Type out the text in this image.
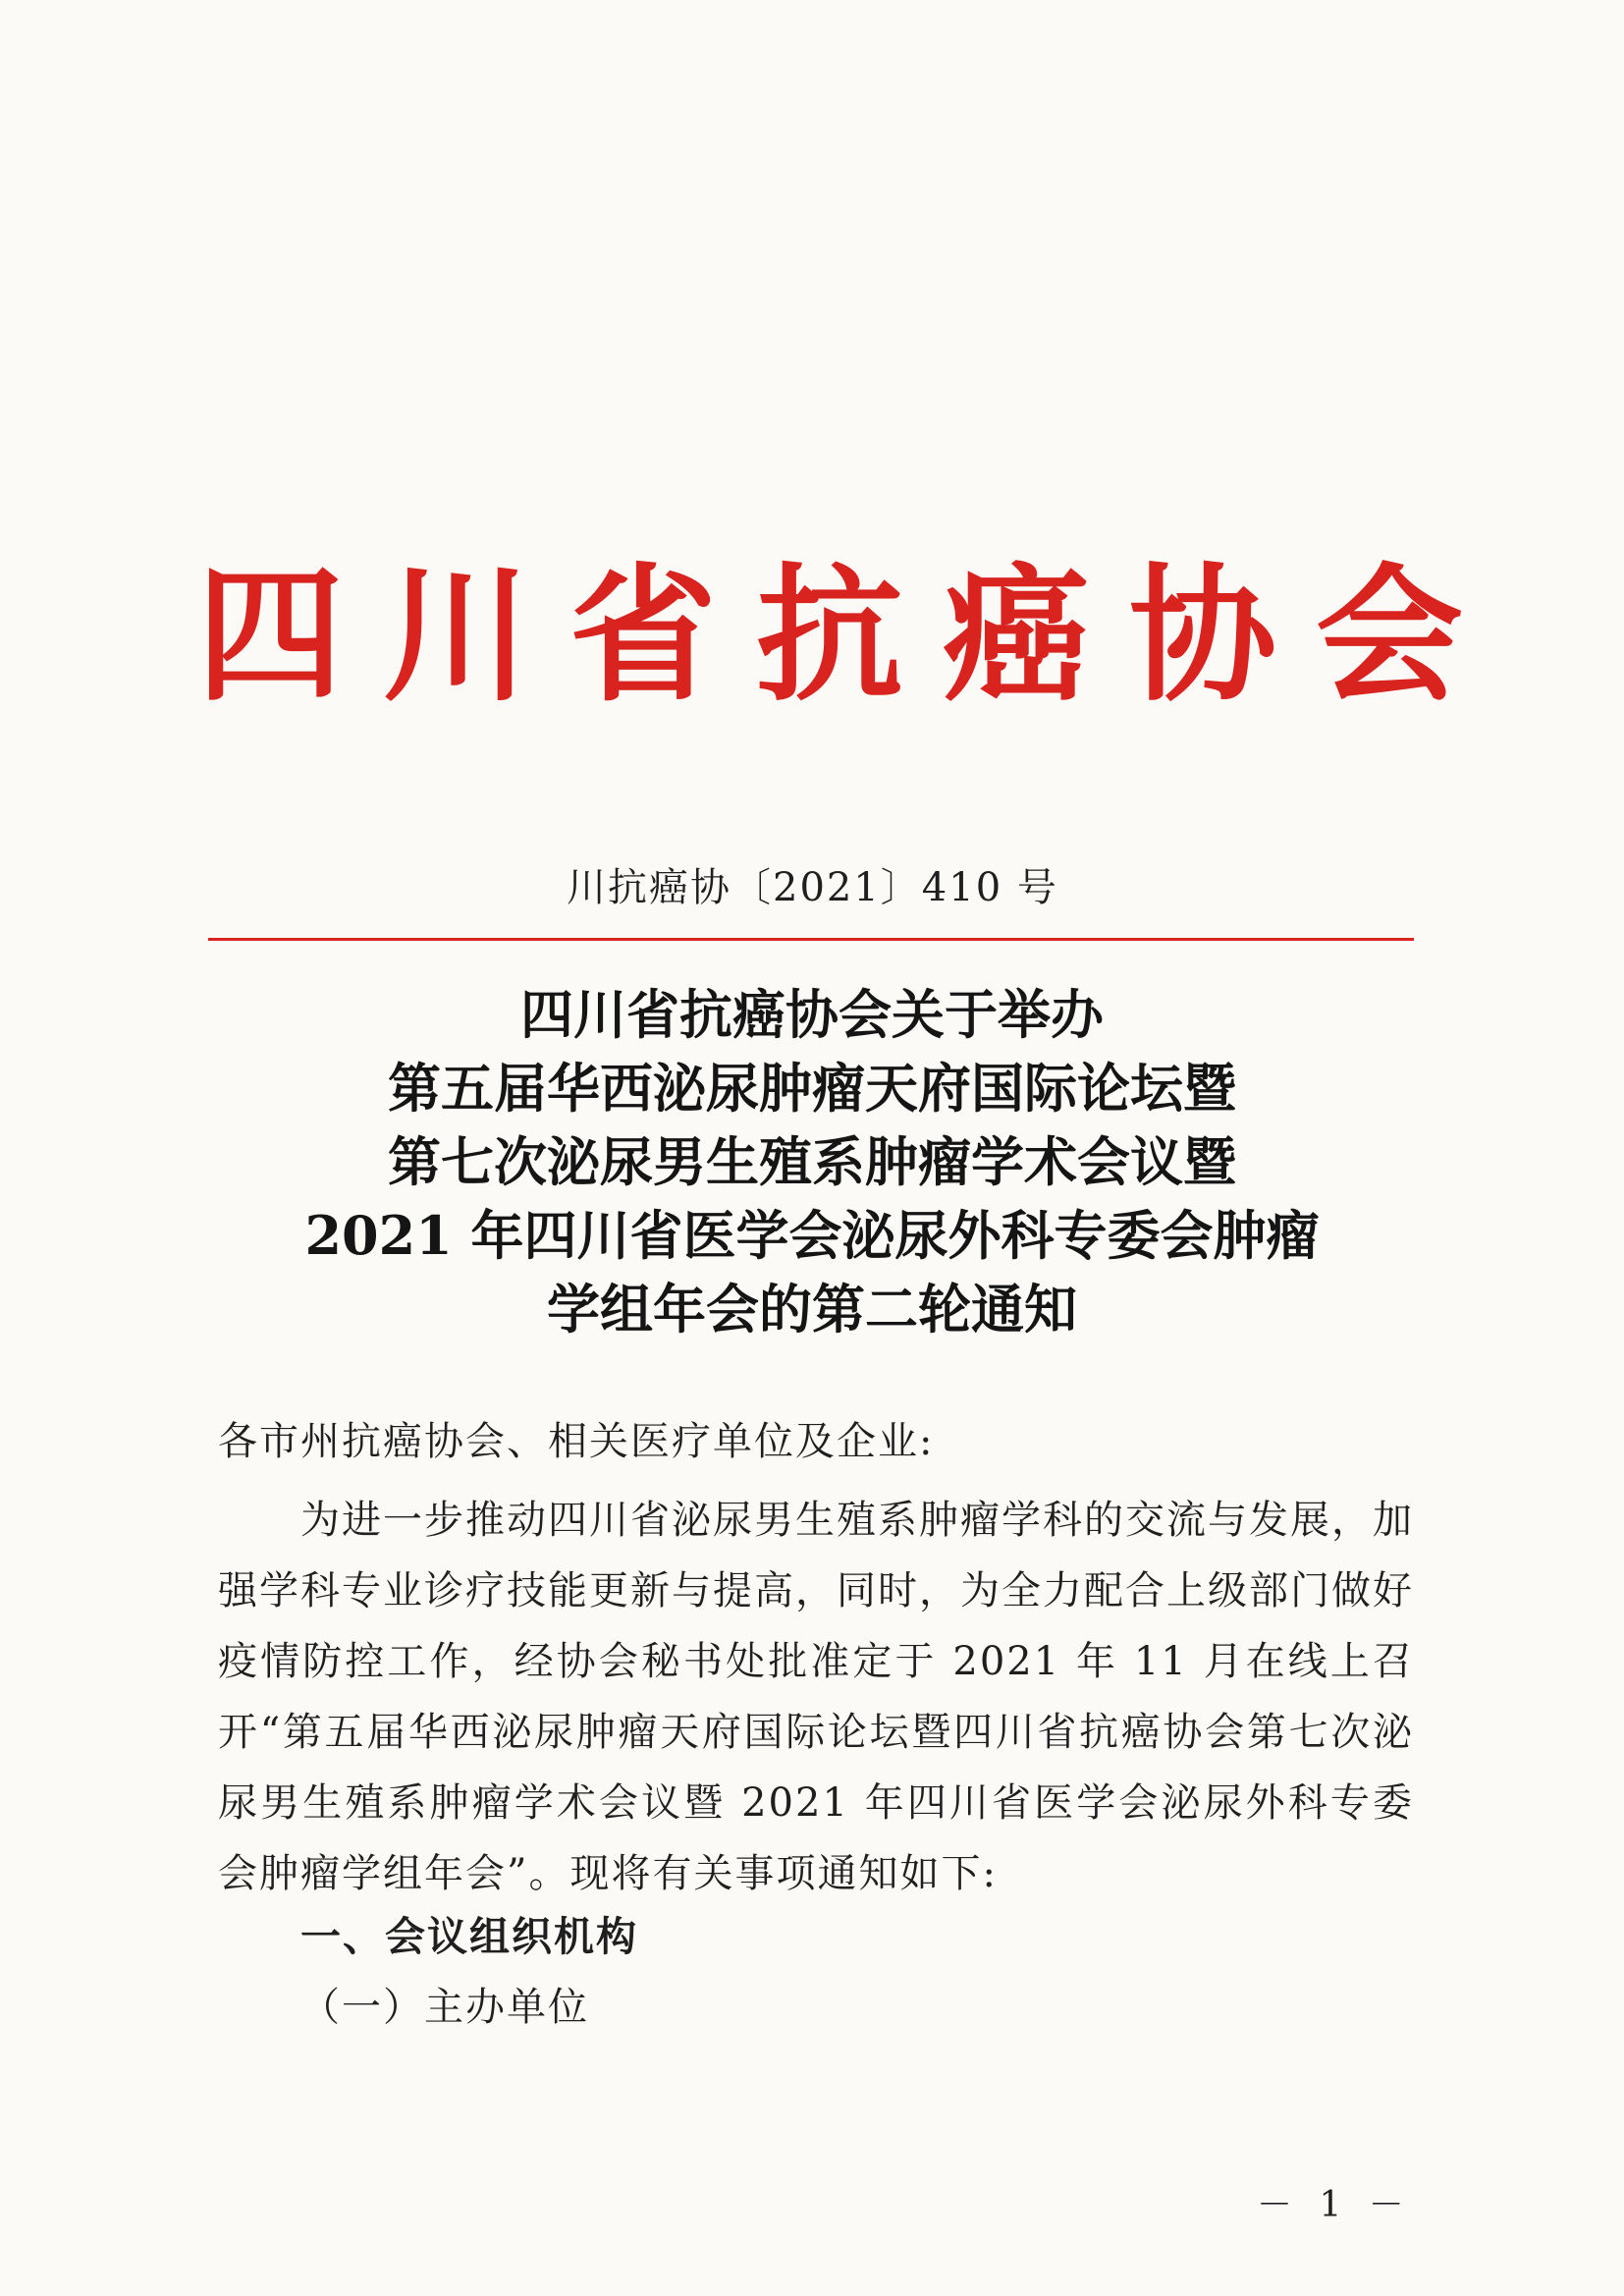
四川省抗癌协会
川抗癌协〔2021〕410 号
四川省抗癌协会关于举办
第五届华西泌尿肿瘤天府国际论坛暨
第七次泌尿男生殖系肿瘤学术会议暨
2021 年四川省医学会泌尿外科专委会肿瘤
学组年会的第二轮通知
各市州抗癌协会、相关医疗单位及企业:
为进一步推动四川省泌尿男生殖系肿瘤学科的交流与发展，加强学科专业诊疗技能更新与提高，同时，为全力配合上级部门做好疫情防控工作，经协会秘书处批准定于 2021 年 11 月在线上召开“第五届华西泌尿肿瘤天府国际论坛暨四川省抗癌协会第七次泌尿男生殖系肿瘤学术会议暨 2021 年四川省医学会泌尿外科专委会肿瘤学组年会”。现将有关事项通知如下:
一、会议组织机构
（一）主办单位
－ 1 －
